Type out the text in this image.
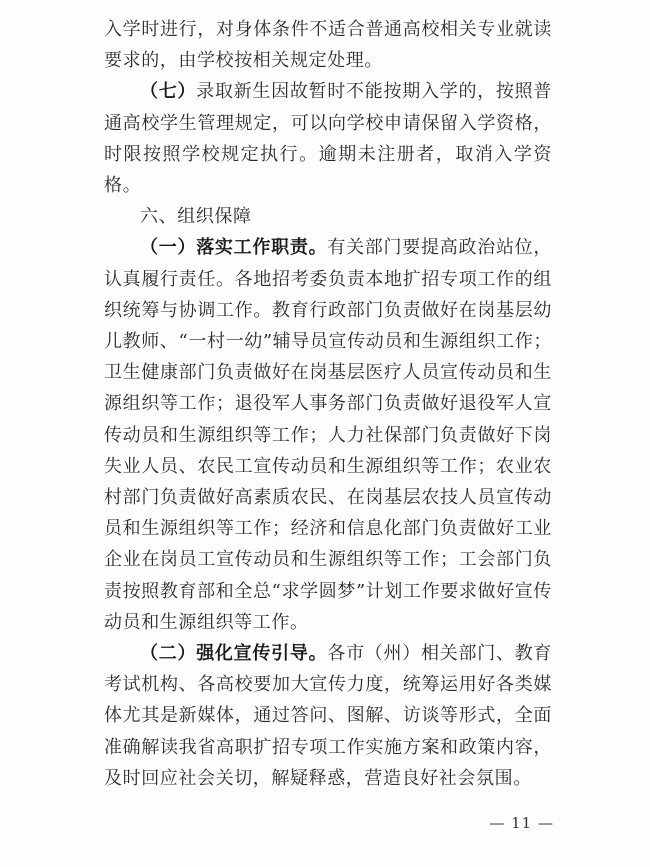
入学时进行，对身体条件不适合普通高校相关专业就读要求的，由学校按相关规定处理。

（七）录取新生因故暂时不能按期入学的，按照普通高校学生管理规定，可以向学校申请保留入学资格，时限按照学校规定执行。逾期未注册者，取消入学资格。

六、组织保障

（一）落实工作职责。有关部门要提高政治站位，认真履行责任。各地招考委负责本地扩招专项工作的组织统筹与协调工作。教育行政部门负责做好在岗基层幼儿教师、“一村一幼”辅导员宣传动员和生源组织工作；卫生健康部门负责做好在岗基层医疗人员宣传动员和生源组织等工作；退役军人事务部门负责做好退役军人宣传动员和生源组织等工作；人力社保部门负责做好下岗失业人员、农民工宣传动员和生源组织等工作；农业农村部门负责做好高素质农民、在岗基层农技人员宣传动员和生源组织等工作；经济和信息化部门负责做好工业企业在岗员工宣传动员和生源组织等工作；工会部门负责按照教育部和全总“求学圆梦”计划工作要求做好宣传动员和生源组织等工作。

（二）强化宣传引导。各市（州）相关部门、教育考试机构、各高校要加大宣传力度，统筹运用好各类媒体尤其是新媒体，通过答问、图解、访谈等形式，全面准确解读我省高职扩招专项工作实施方案和政策内容，及时回应社会关切，解疑释惑，营造良好社会氛围。

— 11 —
